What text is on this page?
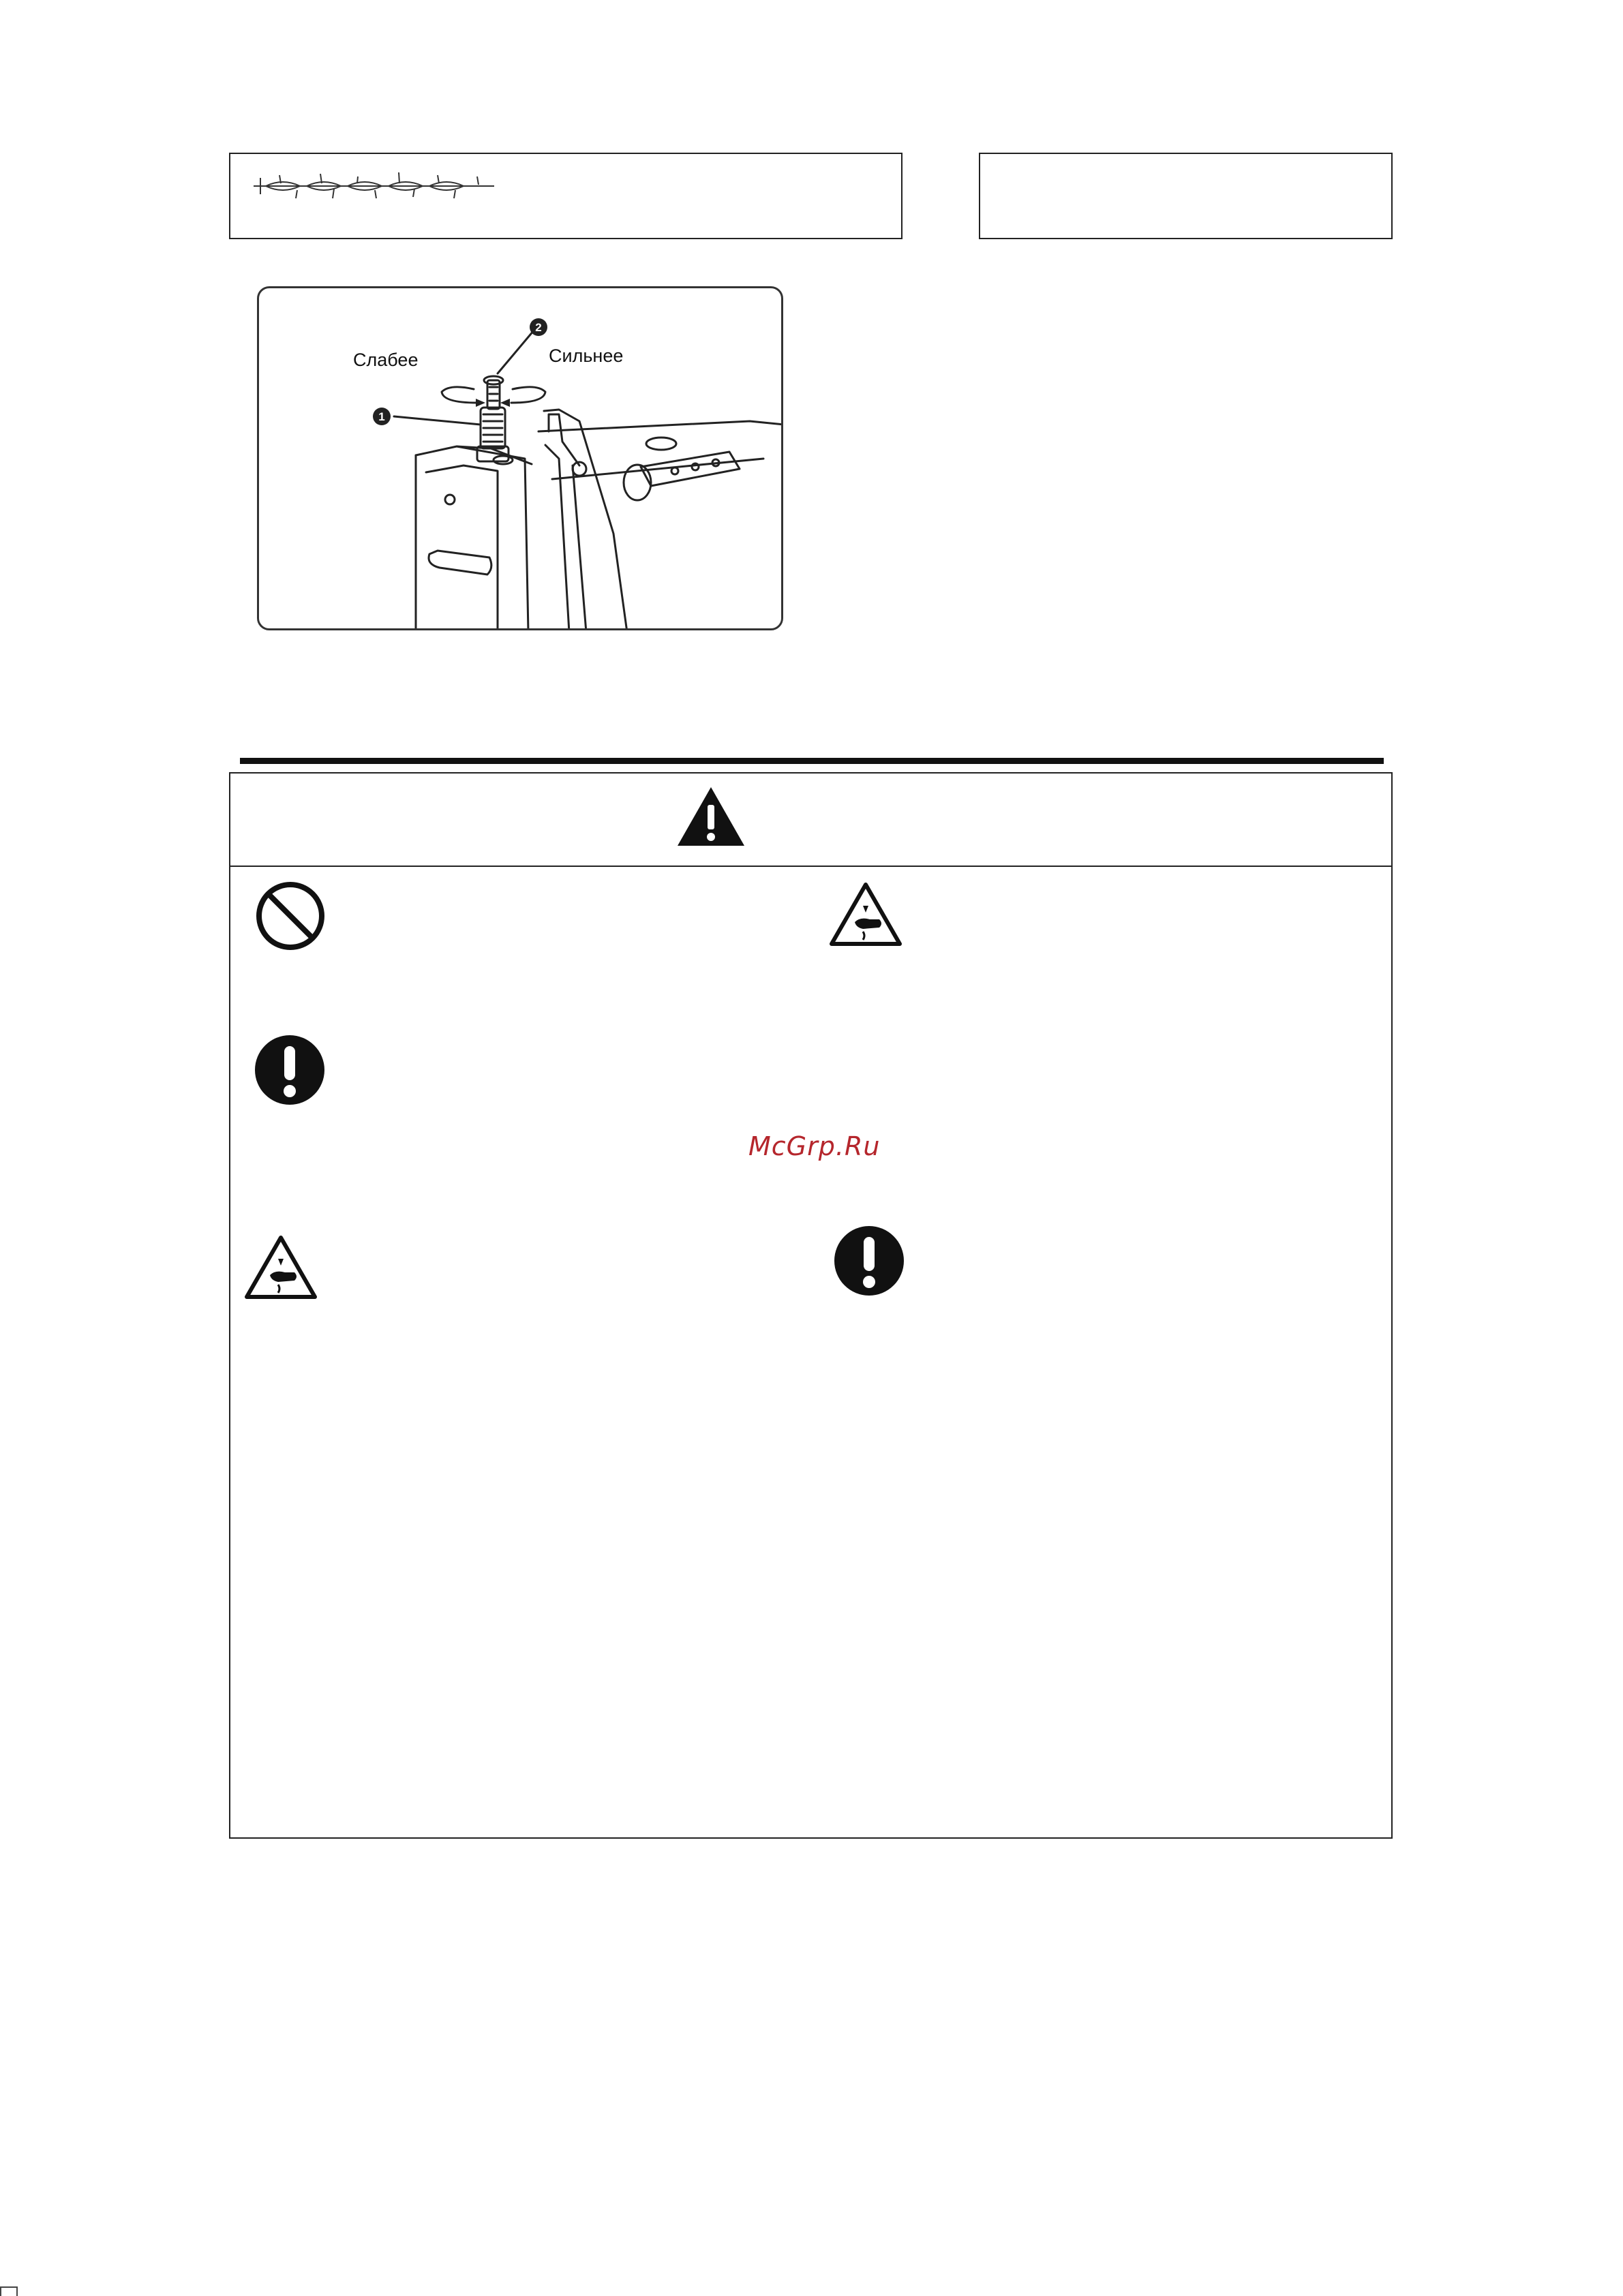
1
2
Слабее	Сильнее
McGrp.Ru
